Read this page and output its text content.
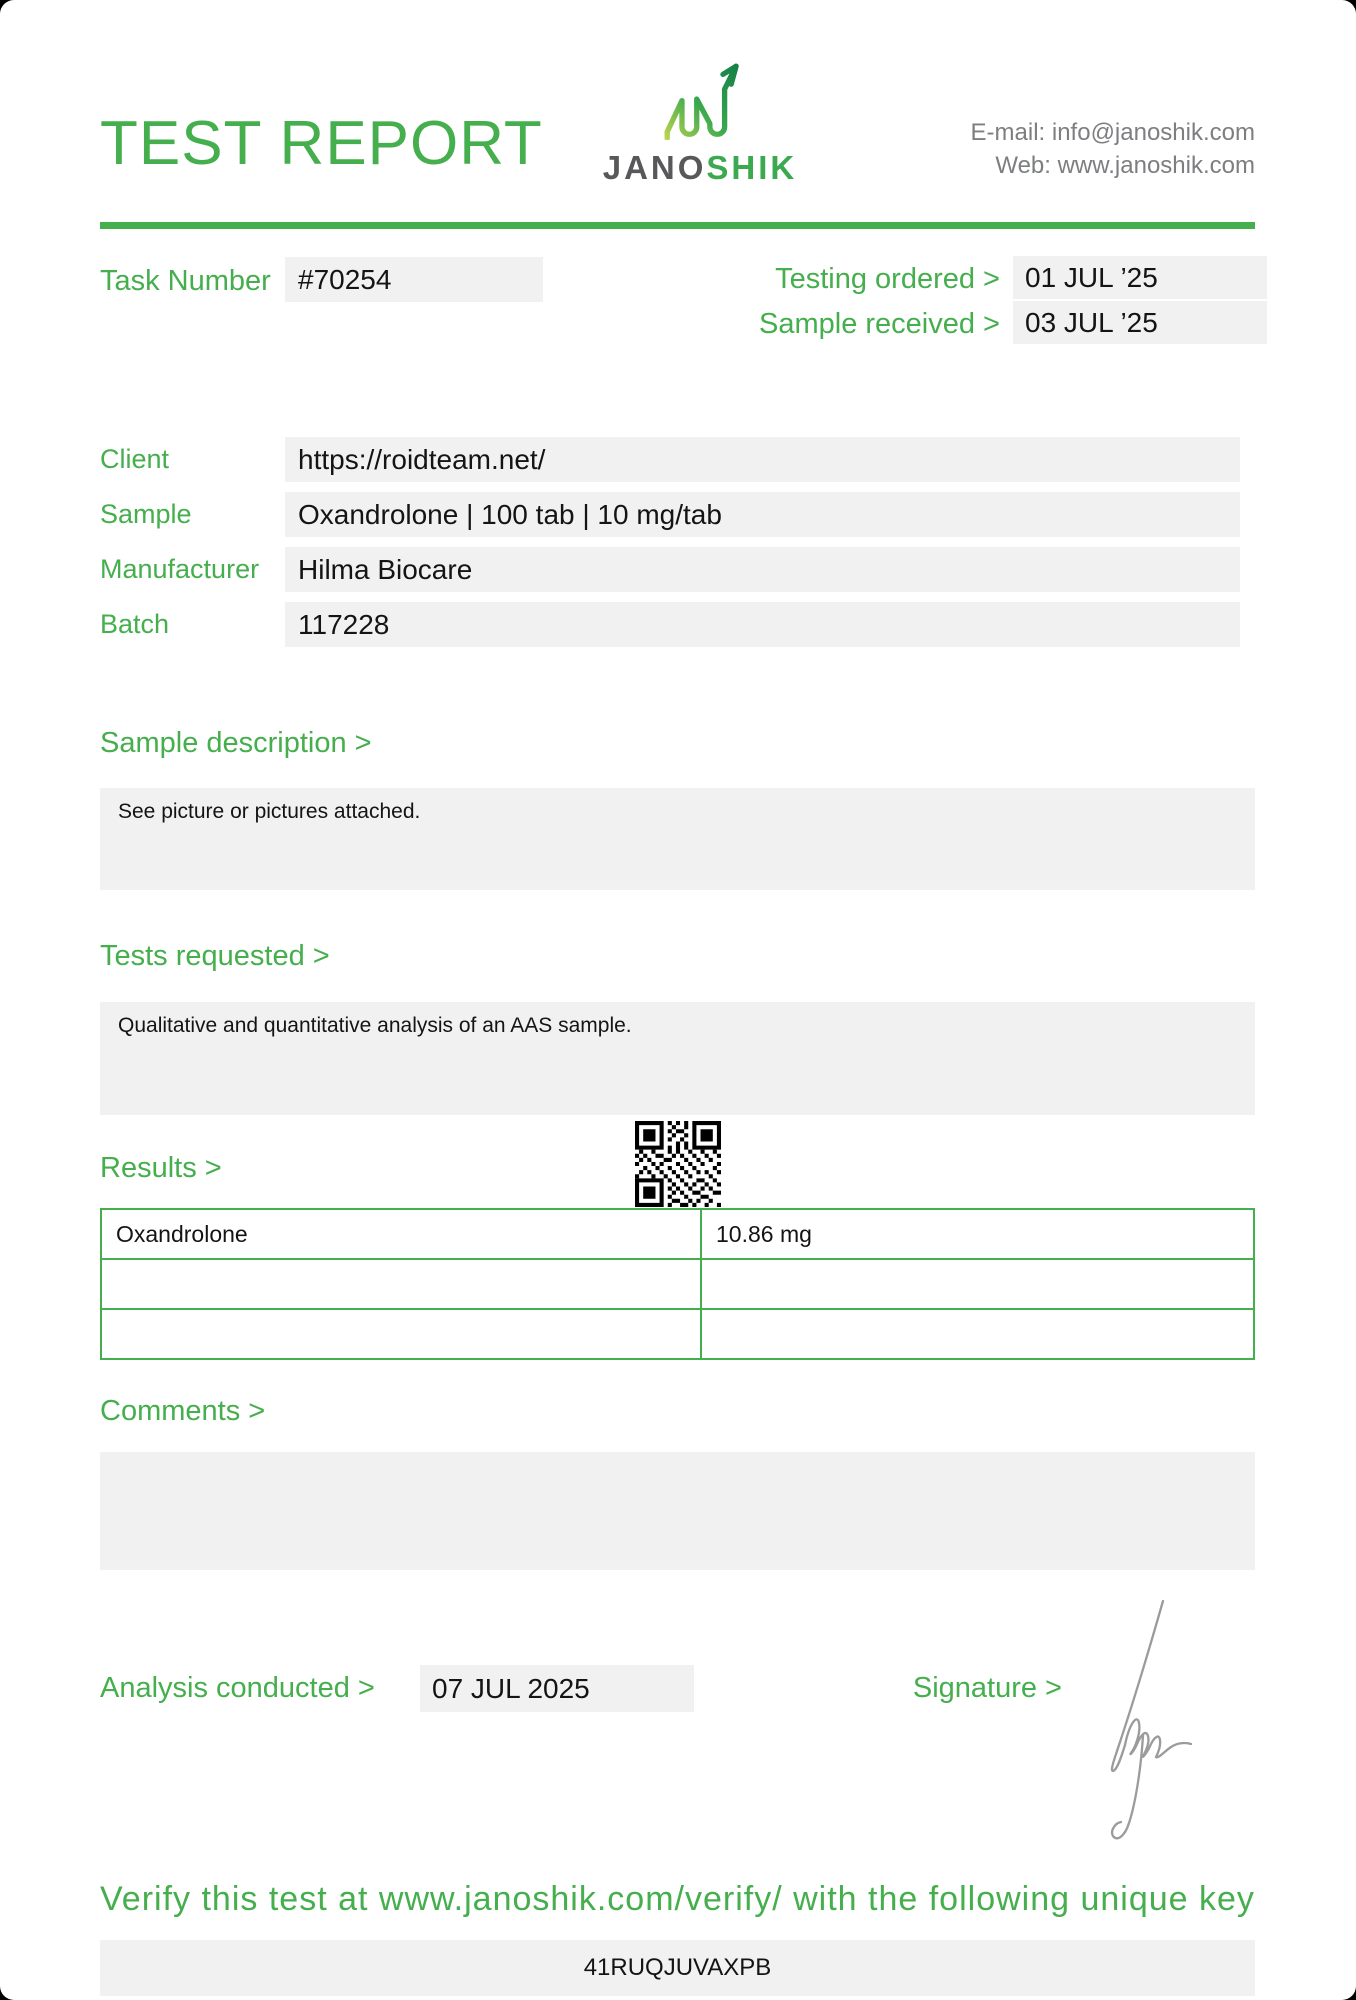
TEST REPORT JANOSHIK
E-mail: info@janoshik.com
Web: www.janoshik.com
Task Number #70254	Testing ordered > 01 JUL ’25
Sample received > 03 JUL ’25
Client	https://roidteam.net/
Sample	Oxandrolone | 100 tab | 10 mg/tab
Manufacturer	Hilma Biocare
Batch	117228
Sample description >
See picture or pictures attached.
Tests requested >
Qualitative and quantitative analysis of an AAS sample.
Results >
Oxandrolone	10.86 mg

Comments >
Analysis conducted >	07 JUL 2025	Signature >
Verify this test at www.janoshik.com/verify/ with the following unique key
41RUQJUVAXPB
